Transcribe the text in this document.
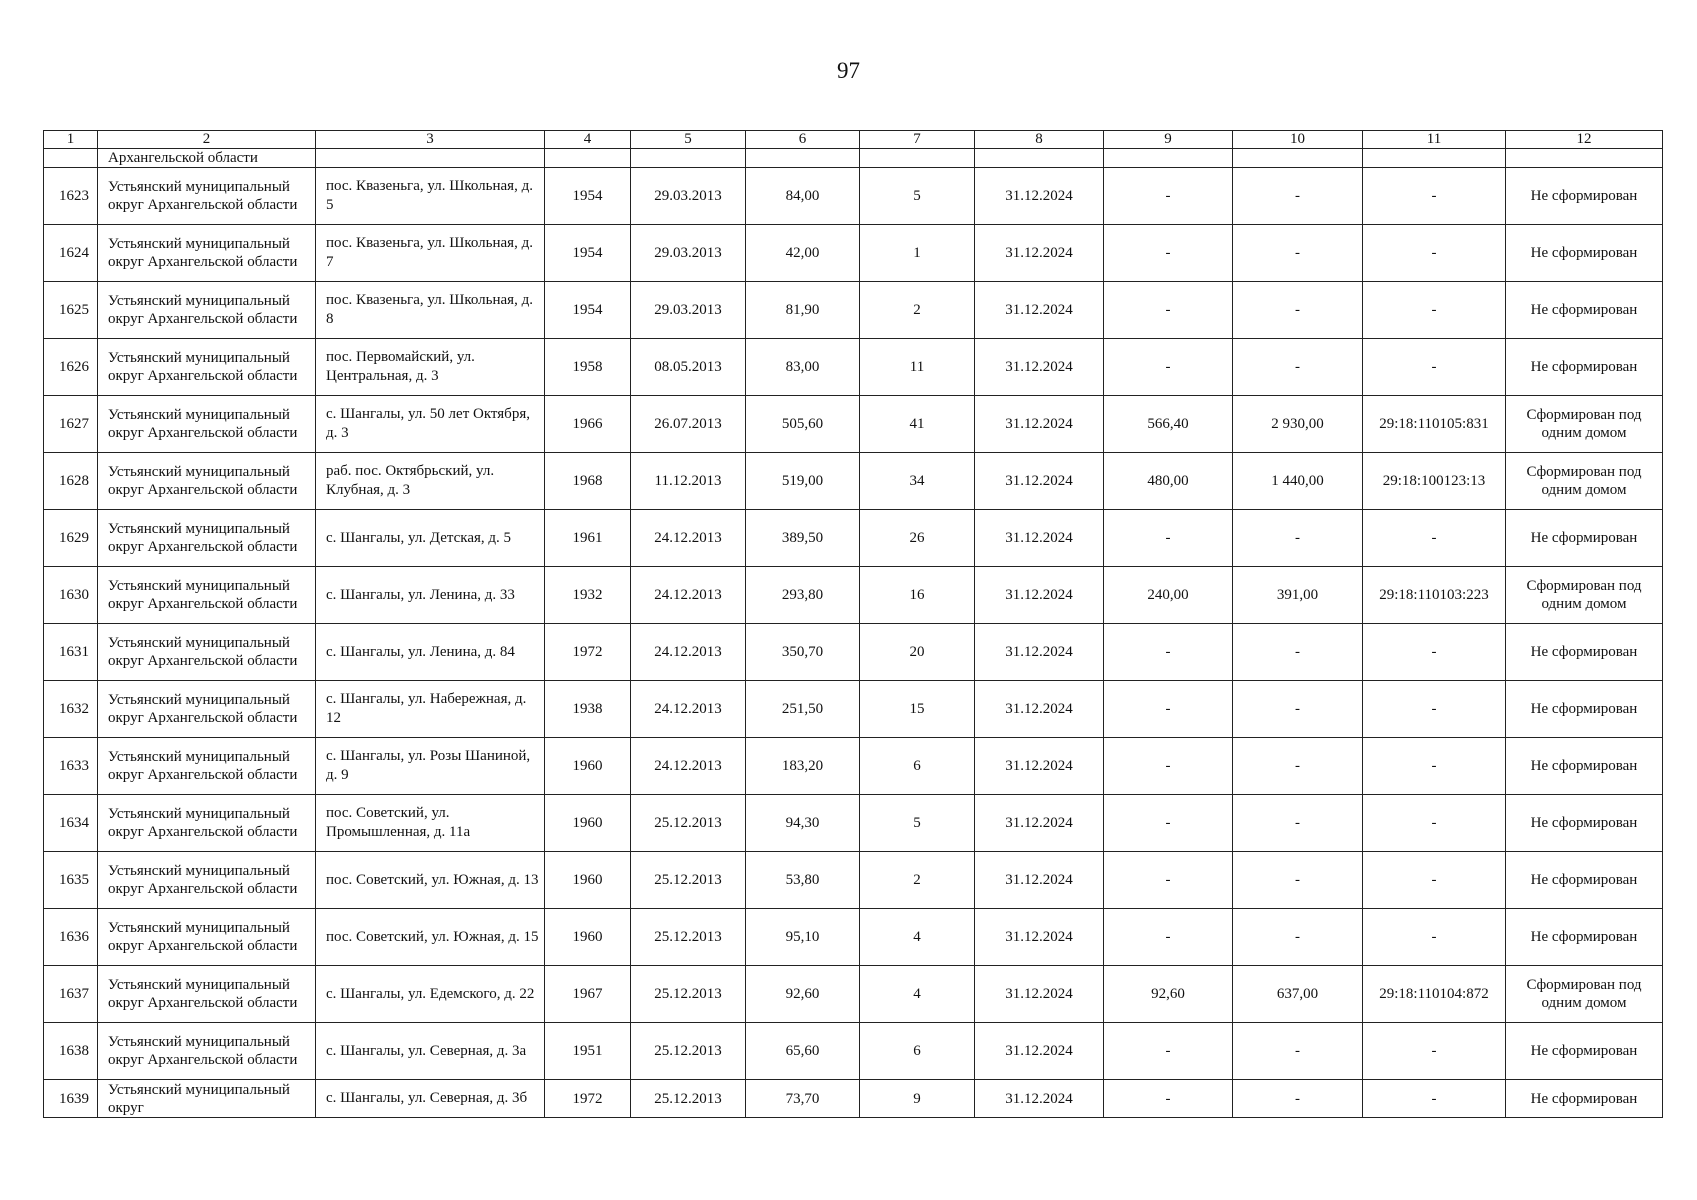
97
1	2	3	4	5	6	7	8	9	10	11	12
	Архангельской области										
1623	Устьянский муниципальный округ Архангельской области	пос. Квазеньга, ул. Школьная, д. 5	1954	29.03.2013	84,00	5	31.12.2024	-	-	-	Не сформирован
1624	Устьянский муниципальный округ Архангельской области	пос. Квазеньга, ул. Школьная, д. 7	1954	29.03.2013	42,00	1	31.12.2024	-	-	-	Не сформирован
1625	Устьянский муниципальный округ Архангельской области	пос. Квазеньга, ул. Школьная, д. 8	1954	29.03.2013	81,90	2	31.12.2024	-	-	-	Не сформирован
1626	Устьянский муниципальный округ Архангельской области	пос. Первомайский, ул. Центральная, д. 3	1958	08.05.2013	83,00	11	31.12.2024	-	-	-	Не сформирован
1627	Устьянский муниципальный округ Архангельской области	с. Шангалы, ул. 50 лет Октября, д. 3	1966	26.07.2013	505,60	41	31.12.2024	566,40	2 930,00	29:18:110105:831	Сформирован под одним домом
1628	Устьянский муниципальный округ Архангельской области	раб. пос. Октябрьский, ул. Клубная, д. 3	1968	11.12.2013	519,00	34	31.12.2024	480,00	1 440,00	29:18:100123:13	Сформирован под одним домом
1629	Устьянский муниципальный округ Архангельской области	с. Шангалы, ул. Детская, д. 5	1961	24.12.2013	389,50	26	31.12.2024	-	-	-	Не сформирован
1630	Устьянский муниципальный округ Архангельской области	с. Шангалы, ул. Ленина, д. 33	1932	24.12.2013	293,80	16	31.12.2024	240,00	391,00	29:18:110103:223	Сформирован под одним домом
1631	Устьянский муниципальный округ Архангельской области	с. Шангалы, ул. Ленина, д. 84	1972	24.12.2013	350,70	20	31.12.2024	-	-	-	Не сформирован
1632	Устьянский муниципальный округ Архангельской области	с. Шангалы, ул. Набережная, д. 12	1938	24.12.2013	251,50	15	31.12.2024	-	-	-	Не сформирован
1633	Устьянский муниципальный округ Архангельской области	с. Шангалы, ул. Розы Шаниной, д. 9	1960	24.12.2013	183,20	6	31.12.2024	-	-	-	Не сформирован
1634	Устьянский муниципальный округ Архангельской области	пос. Советский, ул. Промышленная, д. 11а	1960	25.12.2013	94,30	5	31.12.2024	-	-	-	Не сформирован
1635	Устьянский муниципальный округ Архангельской области	пос. Советский, ул. Южная, д. 13	1960	25.12.2013	53,80	2	31.12.2024	-	-	-	Не сформирован
1636	Устьянский муниципальный округ Архангельской области	пос. Советский, ул. Южная, д. 15	1960	25.12.2013	95,10	4	31.12.2024	-	-	-	Не сформирован
1637	Устьянский муниципальный округ Архангельской области	с. Шангалы, ул. Едемского, д. 22	1967	25.12.2013	92,60	4	31.12.2024	92,60	637,00	29:18:110104:872	Сформирован под одним домом
1638	Устьянский муниципальный округ Архангельской области	с. Шангалы, ул. Северная, д. 3а	1951	25.12.2013	65,60	6	31.12.2024	-	-	-	Не сформирован
1639	Устьянский муниципальный округ	с. Шангалы, ул. Северная, д. 3б	1972	25.12.2013	73,70	9	31.12.2024	-	-	-	Не сформирован
